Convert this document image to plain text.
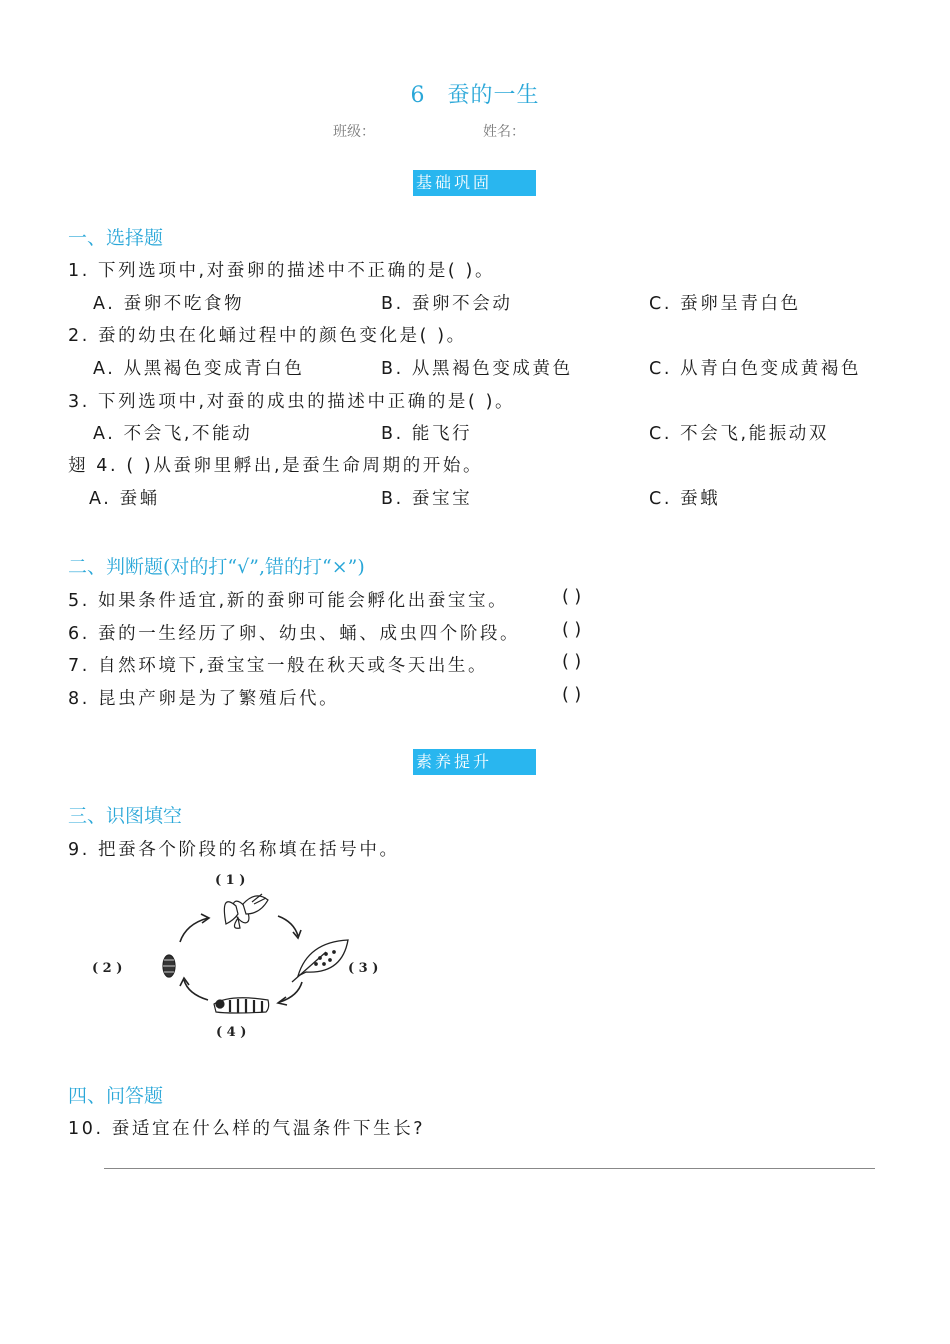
6 蚕的一生
班级：	姓名：
基础巩固
一、选择题
1. 下列选项中,对蚕卵的描述中不正确的是( )。
A. 蚕卵不吃食物	B. 蚕卵不会动	C. 蚕卵呈青白色
2. 蚕的幼虫在化蛹过程中的颜色变化是( )。
A. 从黑褐色变成青白色	B. 从黑褐色变成黄色	C. 从青白色变成黄褐色
3. 下列选项中,对蚕的成虫的描述中正确的是( )。
A. 不会飞,不能动	B. 能飞行	C. 不会飞,能振动双
翅 4. ( )从蚕卵里孵出,是蚕生命周期的开始。
A. 蚕蛹	B. 蚕宝宝	C. 蚕蛾
二、判断题(对的打“√”,错的打“×”)
5. 如果条件适宜,新的蚕卵可能会孵化出蚕宝宝。	( )
6. 蚕的一生经历了卵、幼虫、蛹、成虫四个阶段。 ( )
7. 自然环境下,蚕宝宝一般在秋天或冬天出生。	( )
8. 昆虫产卵是为了繁殖后代。	( )
素养提升
三、识图填空
9. 把蚕各个阶段的名称填在括号中。
( 1 )
( 2 )	( 3 )
( 4 )
四、问答题
10. 蚕适宜在什么样的气温条件下生长?
